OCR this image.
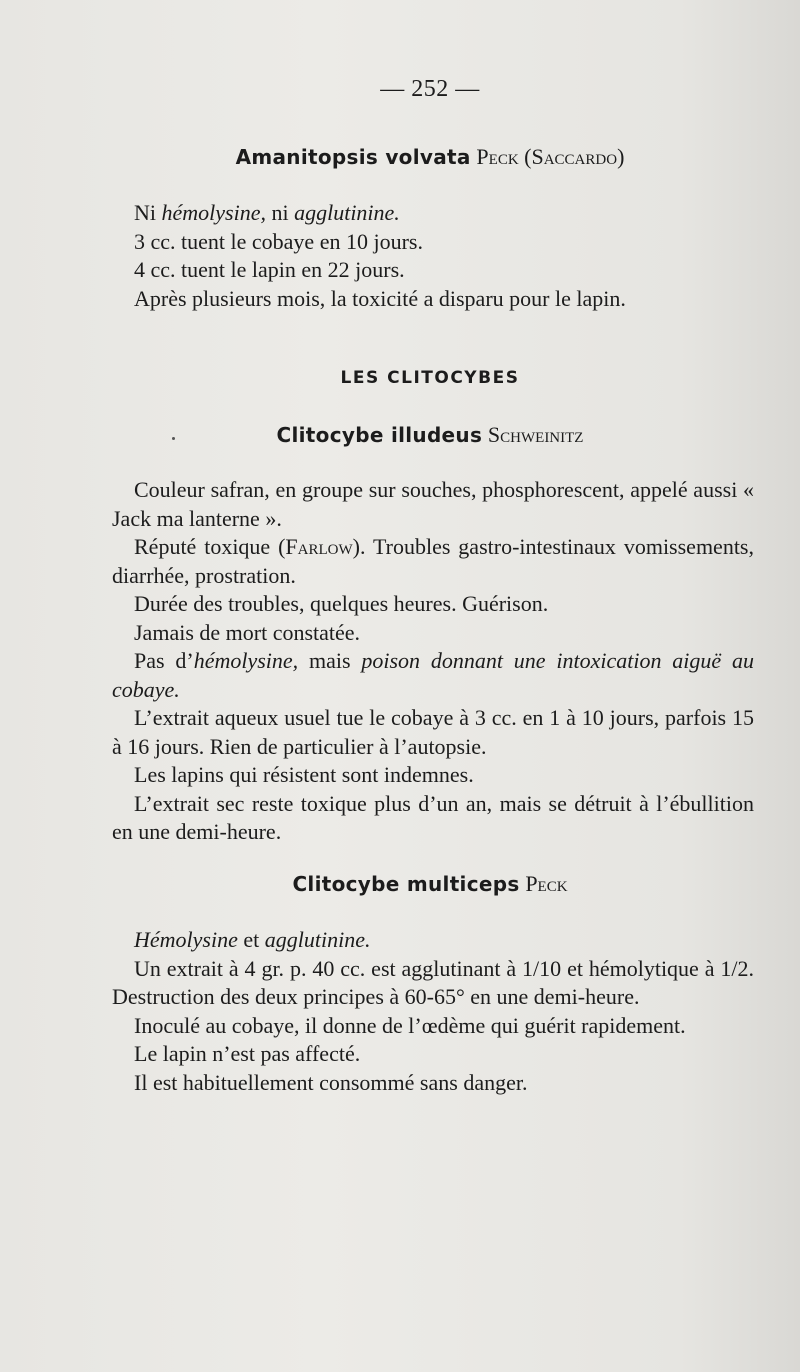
— 252 —
Amanitopsis volvata Peck (Saccardo)

Ni hémolysine, ni agglutinine.

3 cc. tuent le cobaye en 10 jours.

4 cc. tuent le lapin en 22 jours.

Après plusieurs mois, la toxicité a disparu pour le lapin.

LES CLITOCYBES
Clitocybe illudeus Schweinitz

Couleur safran, en groupe sur souches, phosphorescent, appelé aussi « Jack ma lanterne ».

Réputé toxique (Farlow). Troubles gastro-intestinaux vomissements, diarrhée, prostration.

Durée des troubles, quelques heures. Guérison.

Jamais de mort constatée.

Pas d’hémolysine, mais poison donnant une intoxication aiguë au cobaye.

L’extrait aqueux usuel tue le cobaye à 3 cc. en 1 à 10 jours, parfois 15 à 16 jours. Rien de particulier à l’autopsie.

Les lapins qui résistent sont indemnes.

L’extrait sec reste toxique plus d’un an, mais se détruit à l’ébullition en une demi-heure.

Clitocybe multiceps Peck

Hémolysine et agglutinine.

Un extrait à 4 gr. p. 40 cc. est agglutinant à 1/10 et hémolytique à 1/2. Destruction des deux principes à 60-65° en une demi-heure.

Inoculé au cobaye, il donne de l’œdème qui guérit rapidement.

Le lapin n’est pas affecté.

Il est habituellement consommé sans danger.
